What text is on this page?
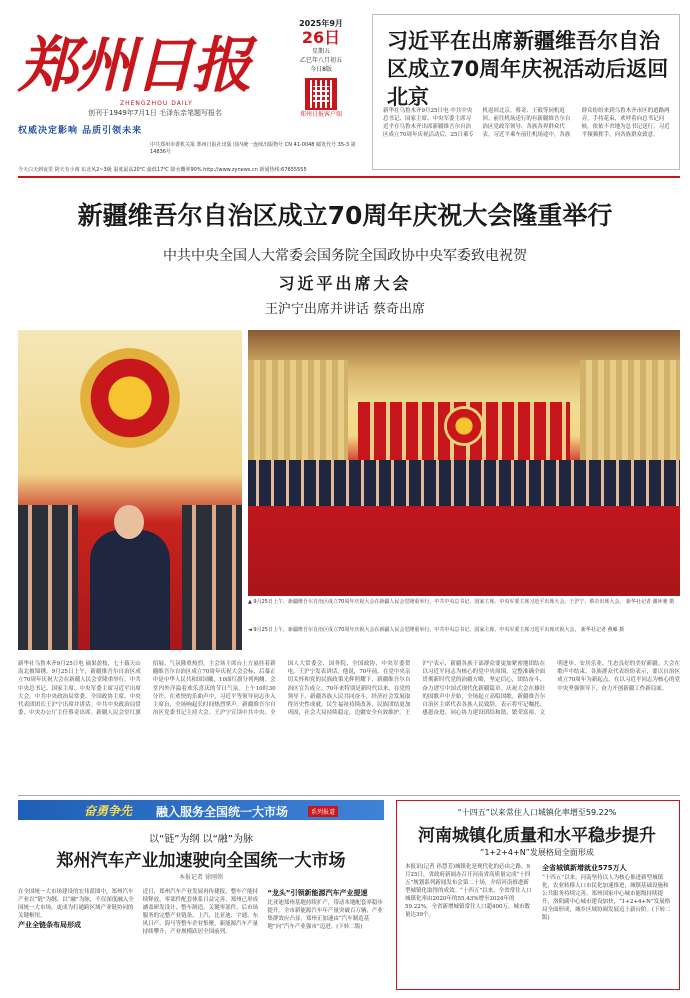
郑州日报
ZHENGZHOU DAILY
创刊于1949年7月1日 毛泽东亲笔题写报名
权威决定影响 品质引领未来
中共郑州市委机关报 郑州日报社出版 国内统一连续出版物号 CN 41-0048 邮发代号 35-3 第14836号
今天白天到夜里 阴天有小雨 东北风2~3级 温度最高20℃ 最低17℃ 降水概率90% http://www.zynews.cn 新闻热线:67655555
2025年9月
26日
星期五
乙巳年八月初五
今日8版
郑州日报客户端
习近平在出席新疆维吾尔自治区成立70周年庆祝活动后返回北京
新华社乌鲁木齐9月25日电 中共中央总书记、国家主席、中央军委主席习近平在乌鲁木齐出席新疆维吾尔自治区成立70周年庆祝活动后，25日乘专机返回北京。蔡奇、王毅等同机返回。前往机场送行的有新疆维吾尔自治区党政军领导、各族各界群众代表。习近平乘车前往机场途中，各族群众纷纷来到乌鲁木齐市区的道路两旁，手持花束，欢呼着向总书记问候，依依不舍地为总书记送行。习近平频频挥手，向各族群众致意。
新疆维吾尔自治区成立70周年庆祝大会隆重举行
中共中央全国人大常委会国务院全国政协中央军委致电祝贺
习近平出席大会
王沪宁出席并讲话 蔡奇出席
▲ 9月25日上午，新疆维吾尔自治区成立70周年庆祝大会在新疆人民会堂隆重举行。中共中央总书记、国家主席、中央军委主席习近平出席大会。王沪宁、蔡奇出席大会。 新华社记者 谢环驰 摄
◄ 9月25日上午，新疆维吾尔自治区成立70周年庆祝大会在新疆人民会堂隆重举行。中共中央总书记、国家主席、中央军委主席习近平出席庆祝大会。 新华社记者 燕雁 摄
新华社乌鲁木齐9月25日电 硕果盈枝，七十载天山南北披锦绣。9月25日上午，新疆维吾尔自治区成立70周年庆祝大会在新疆人民会堂隆重举行。中共中央总书记、国家主席、中央军委主席习近平出席大会。中共中央政治局常委、全国政协主席、中央代表团团长王沪宁出席并讲话。中共中央政治局常委、中央办公厅主任蔡奇出席。新疆人民会堂红旗招展、气氛隆重热烈。主会场主席台上方悬挂着新疆维吾尔自治区成立70周年庆祝大会会标，后幕正中是中华人民共和国国徽，10面红旗分列两侧。会堂内外洋溢着欢乐喜庆的节日气氛。上午10时30分许，在欢快的乐曲声中，习近平等领导同志步入主席台，全场响起长时间热烈掌声。新疆维吾尔自治区党委书记主持大会。王沪宁宣读中共中央、全国人大常委会、国务院、全国政协、中央军委贺电。王沪宁发表讲话，他说，70年前，在党中央亲切关怀和党的民族政策光辉照耀下，新疆维吾尔自治区宣告成立。70年来特别是新时代以来，在党的领导下，新疆各族人民共同奋斗，经济社会发展取得历史性成就，民生福祉持续改善，民族团结更加巩固，社会大局持续稳定，边疆安全有效维护。王沪宁表示，新疆各族干部群众要更加紧密地团结在以习近平同志为核心的党中央周围，完整准确全面贯彻新时代党的治疆方略，坚定信心，团结奋斗，奋力谱写中国式现代化新疆篇章。庆祝大会在雄壮的国歌声中开始，全场起立高唱国歌。新疆维吾尔自治区主席代表各族人民致辞，表示将牢记嘱托、感恩奋进。同心协力建设团结和谐、繁荣富裕、文明进步、安居乐业、生态良好的美好新疆。大会在歌声中结束，各族群众代表纷纷表示，要以自治区成立70周年为新起点，在以习近平同志为核心的党中央坚强领导下，奋力开创新疆工作新局面。
奋勇争先 融入服务全国统一大市场	系列报道
以“链”为纲 以“融”为脉
郑州汽车产业加速驶向全国统一大市场
本报记者 徐刚领

在全国统一大市场建设的宏伟蓝图中，郑州汽车产业以“链”为纲、以“融”为脉，不仅深度融入全国统一大市场，更成为打通跨区域产业链协同的关键枢纽。

产业全链条布局形成

近日，郑州汽车产业发展再传捷报，整车产能持续释放，零部件配套体系日益完善。郑州已形成涵盖研发设计、整车制造、关键零部件、后市场服务的完整产业链条，上汽、比亚迪、宇通、东风日产、海马等整车企业集聚，新能源汽车产量持续攀升，产业规模跃居全国前列。

“龙头”引领新能源汽车产业提速

比亚迪郑州基地持续扩产，带动本地配套率稳步提升。全市新能源汽车年产量突破百万辆，产业集群效应凸显，郑州正加速由“汽车制造基地”向“汽车产业强市”迈进。(下转二版)

“十四五”以来常住人口城镇化率增至59.22%
河南城镇化质量和水平稳步提升
“1+2+4+N”发展格局全面形成

本报讯(记者 孙慧芳)城镇化是现代化的必由之路。9月25日，省政府新闻办召开河南省高质量完成“十四五”规划系列新闻发布会第二十场，介绍河南推进新型城镇化取得的成效。“十四五”以来，全省常住人口城镇化率由2020年的55.43%增至2024年的59.22%，全省新增城镇常住人口超400万，城市数量达39个。

全省城镇新增就业575万人

“十四五”以来，河南坚持以人为核心推进新型城镇化，农业转移人口市民化加速推进，城镇基础设施和公共服务持续完善，郑州国家中心城市能级持续提升，洛阳副中心城市建设加快，“1+2+4+N”发展格局全面形成，城乡区域协调发展迈上新台阶。(下转二版)
